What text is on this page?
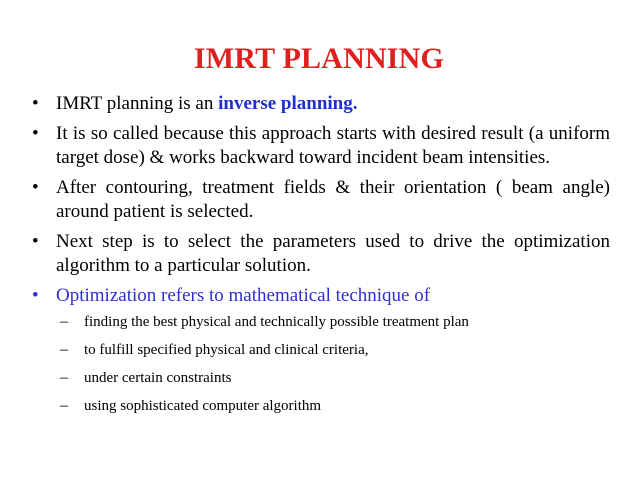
IMRT PLANNING
• IMRT planning is an inverse planning.
• It is so called because this approach starts with desired result (a uniform target dose) & works backward toward incident beam intensities.
• After contouring, treatment fields & their orientation ( beam angle) around patient is selected.
• Next step is to select the parameters used to drive the optimization algorithm to a particular solution.
• Optimization refers to mathematical technique of
– finding the best physical and technically possible treatment plan
– to fulfill specified physical and clinical criteria,
– under certain constraints
– using sophisticated computer algorithm
